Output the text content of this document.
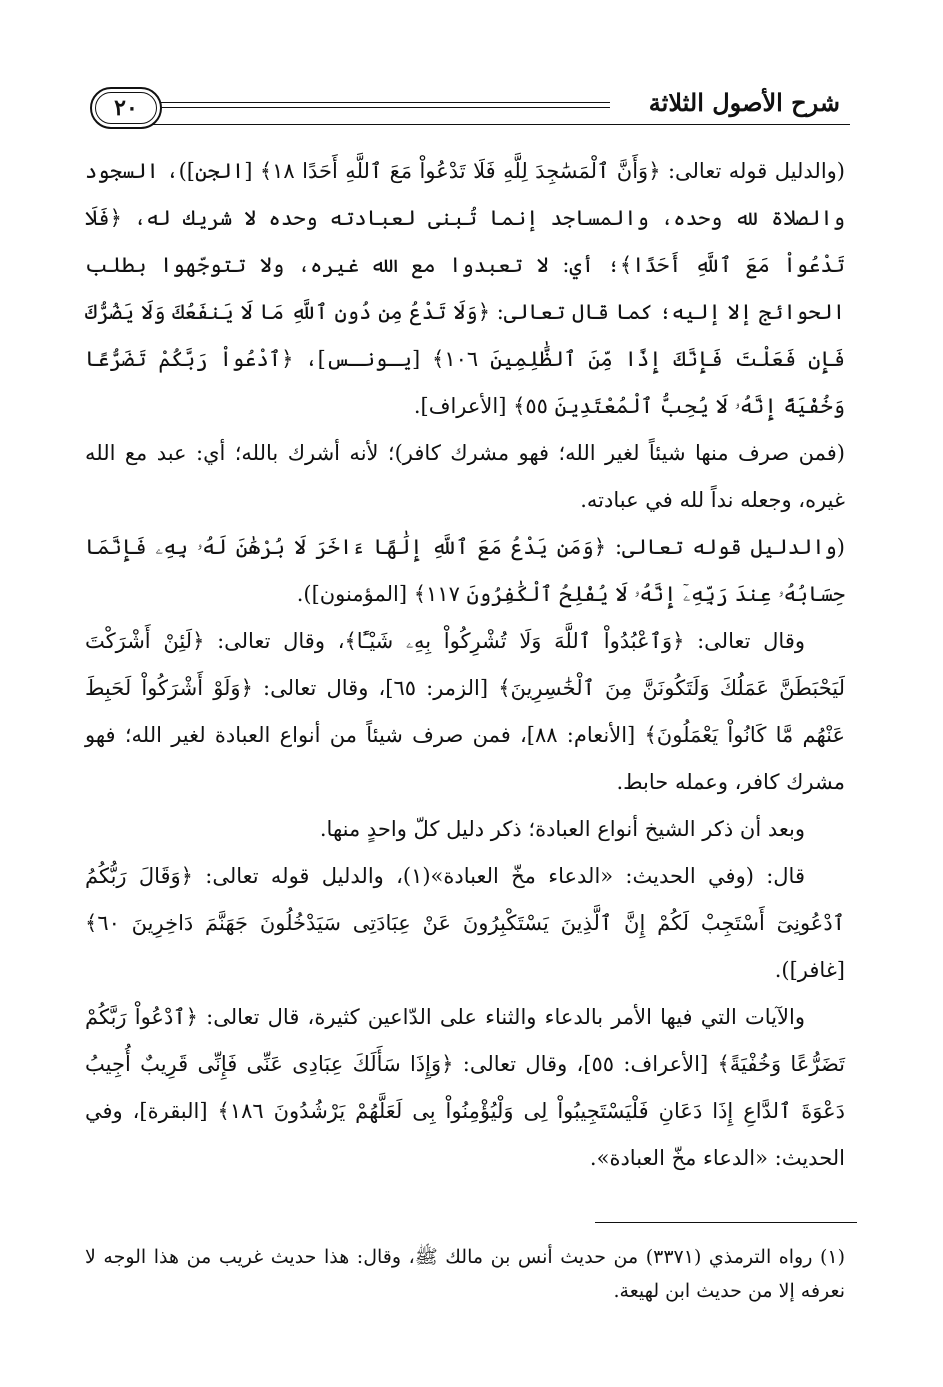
شرح الأصول الثلاثة
٢٠

(والدليل قوله تعالى: ﴿وَأَنَّ ٱلْمَسَٰجِدَ لِلَّهِ فَلَا تَدْعُواْ مَعَ ٱللَّهِ أَحَدًا ١٨﴾ [الجن])، السجود والصلاة لله وحده، والمساجد إنما تُبنى لعبادته وحده لا شريك له، ﴿فَلَا تَدْعُواْ مَعَ ٱللَّهِ أَحَدًا﴾؛ أي: لا تعبدوا مع الله غيره، ولا تتوجّهوا بطلب الحوائج إلا إليه؛ كما قال تعالى: ﴿وَلَا تَدْعُ مِن دُونِ ٱللَّهِ مَا لَا يَنفَعُكَ وَلَا يَضُرُّكَ فَإِن فَعَلْتَ فَإِنَّكَ إِذًا مِّنَ ٱلظَّٰلِمِينَ ١٠٦﴾ [يـونـس]، ﴿ٱدْعُواْ رَبَّكُمْ تَضَرُّعًا وَخُفْيَةً إِنَّهُۥ لَا يُحِبُّ ٱلْمُعْتَدِينَ ٥٥﴾ [الأعراف].

(فمن صرف منها شيئاً لغير الله؛ فهو مشرك كافر)؛ لأنه أشرك بالله؛ أي: عبد مع الله غيره، وجعله نداً لله في عبادته.

(والدليل قوله تعالى: ﴿وَمَن يَدْعُ مَعَ ٱللَّهِ إِلَٰهًا ءَاخَرَ لَا بُرْهَٰنَ لَهُۥ بِهِۦ فَإِنَّمَا حِسَابُهُۥ عِندَ رَبِّهِۦٓ إِنَّهُۥ لَا يُفْلِحُ ٱلْكَٰفِرُونَ ١١٧﴾ [المؤمنون]).

وقال تعالى: ﴿وَٱعْبُدُواْ ٱللَّهَ وَلَا تُشْرِكُواْ بِهِۦ شَيْـًٔا﴾، وقال تعالى: ﴿لَئِنْ أَشْرَكْتَ لَيَحْبَطَنَّ عَمَلُكَ وَلَتَكُونَنَّ مِنَ ٱلْخَٰسِرِينَ﴾ [الزمر: ٦٥]، وقال تعالى: ﴿وَلَوْ أَشْرَكُواْ لَحَبِطَ عَنْهُم مَّا كَانُواْ يَعْمَلُونَ﴾ [الأنعام: ٨٨]، فمن صرف شيئاً من أنواع العبادة لغير الله؛ فهو مشرك كافر، وعمله حابط.

وبعد أن ذكر الشيخ أنواع العبادة؛ ذكر دليل كلّ واحدٍ منها.

قال: (وفي الحديث: «الدعاء مخّ العبادة»(١)، والدليل قوله تعالى: ﴿وَقَالَ رَبُّكُمُ ٱدْعُونِىٓ أَسْتَجِبْ لَكُمْ إِنَّ ٱلَّذِينَ يَسْتَكْبِرُونَ عَنْ عِبَادَتِى سَيَدْخُلُونَ جَهَنَّمَ دَاخِرِينَ ٦٠﴾ [غافر]).

والآيات التي فيها الأمر بالدعاء والثناء على الدّاعين كثيرة، قال تعالى: ﴿ٱدْعُواْ رَبَّكُمْ تَضَرُّعًا وَخُفْيَةً﴾ [الأعراف: ٥٥]، وقال تعالى: ﴿وَإِذَا سَأَلَكَ عِبَادِى عَنِّى فَإِنِّى قَرِيبٌ أُجِيبُ دَعْوَةَ ٱلدَّاعِ إِذَا دَعَانِ فَلْيَسْتَجِيبُواْ لِى وَلْيُؤْمِنُواْ بِى لَعَلَّهُمْ يَرْشُدُونَ ١٨٦﴾ [البقرة]، وفي الحديث: «الدعاء مخّ العبادة».

(١) رواه الترمذي (٣٣٧١) من حديث أنس بن مالك ﷺ، وقال: هذا حديث غريب من هذا الوجه لا نعرفه إلا من حديث ابن لهيعة.
